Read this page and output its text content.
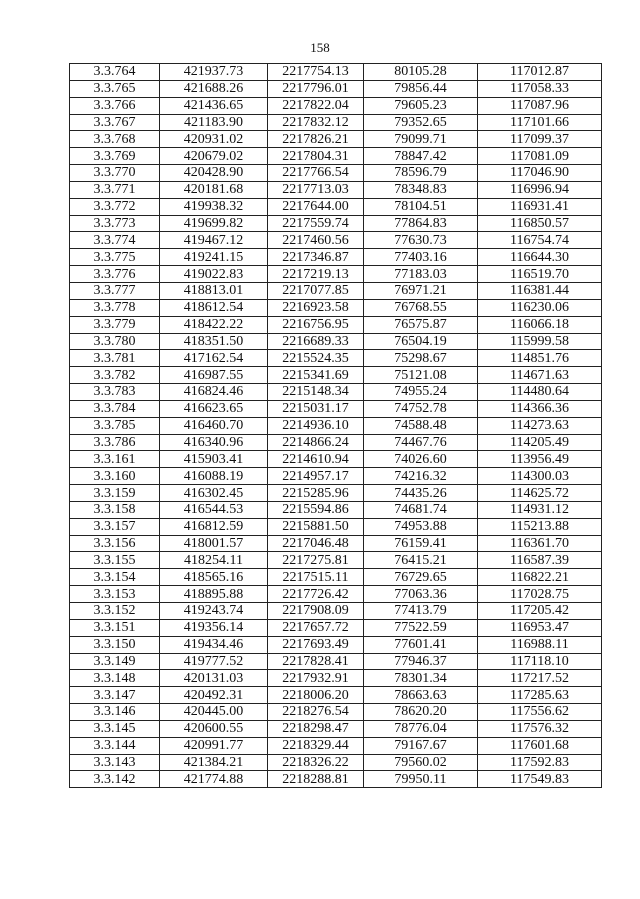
158
3.3.764	421937.73	2217754.13	80105.28	117012.87
3.3.765	421688.26	2217796.01	79856.44	117058.33
3.3.766	421436.65	2217822.04	79605.23	117087.96
3.3.767	421183.90	2217832.12	79352.65	117101.66
3.3.768	420931.02	2217826.21	79099.71	117099.37
3.3.769	420679.02	2217804.31	78847.42	117081.09
3.3.770	420428.90	2217766.54	78596.79	117046.90
3.3.771	420181.68	2217713.03	78348.83	116996.94
3.3.772	419938.32	2217644.00	78104.51	116931.41
3.3.773	419699.82	2217559.74	77864.83	116850.57
3.3.774	419467.12	2217460.56	77630.73	116754.74
3.3.775	419241.15	2217346.87	77403.16	116644.30
3.3.776	419022.83	2217219.13	77183.03	116519.70
3.3.777	418813.01	2217077.85	76971.21	116381.44
3.3.778	418612.54	2216923.58	76768.55	116230.06
3.3.779	418422.22	2216756.95	76575.87	116066.18
3.3.780	418351.50	2216689.33	76504.19	115999.58
3.3.781	417162.54	2215524.35	75298.67	114851.76
3.3.782	416987.55	2215341.69	75121.08	114671.63
3.3.783	416824.46	2215148.34	74955.24	114480.64
3.3.784	416623.65	2215031.17	74752.78	114366.36
3.3.785	416460.70	2214936.10	74588.48	114273.63
3.3.786	416340.96	2214866.24	74467.76	114205.49
3.3.161	415903.41	2214610.94	74026.60	113956.49
3.3.160	416088.19	2214957.17	74216.32	114300.03
3.3.159	416302.45	2215285.96	74435.26	114625.72
3.3.158	416544.53	2215594.86	74681.74	114931.12
3.3.157	416812.59	2215881.50	74953.88	115213.88
3.3.156	418001.57	2217046.48	76159.41	116361.70
3.3.155	418254.11	2217275.81	76415.21	116587.39
3.3.154	418565.16	2217515.11	76729.65	116822.21
3.3.153	418895.88	2217726.42	77063.36	117028.75
3.3.152	419243.74	2217908.09	77413.79	117205.42
3.3.151	419356.14	2217657.72	77522.59	116953.47
3.3.150	419434.46	2217693.49	77601.41	116988.11
3.3.149	419777.52	2217828.41	77946.37	117118.10
3.3.148	420131.03	2217932.91	78301.34	117217.52
3.3.147	420492.31	2218006.20	78663.63	117285.63
3.3.146	420445.00	2218276.54	78620.20	117556.62
3.3.145	420600.55	2218298.47	78776.04	117576.32
3.3.144	420991.77	2218329.44	79167.67	117601.68
3.3.143	421384.21	2218326.22	79560.02	117592.83
3.3.142	421774.88	2218288.81	79950.11	117549.83
